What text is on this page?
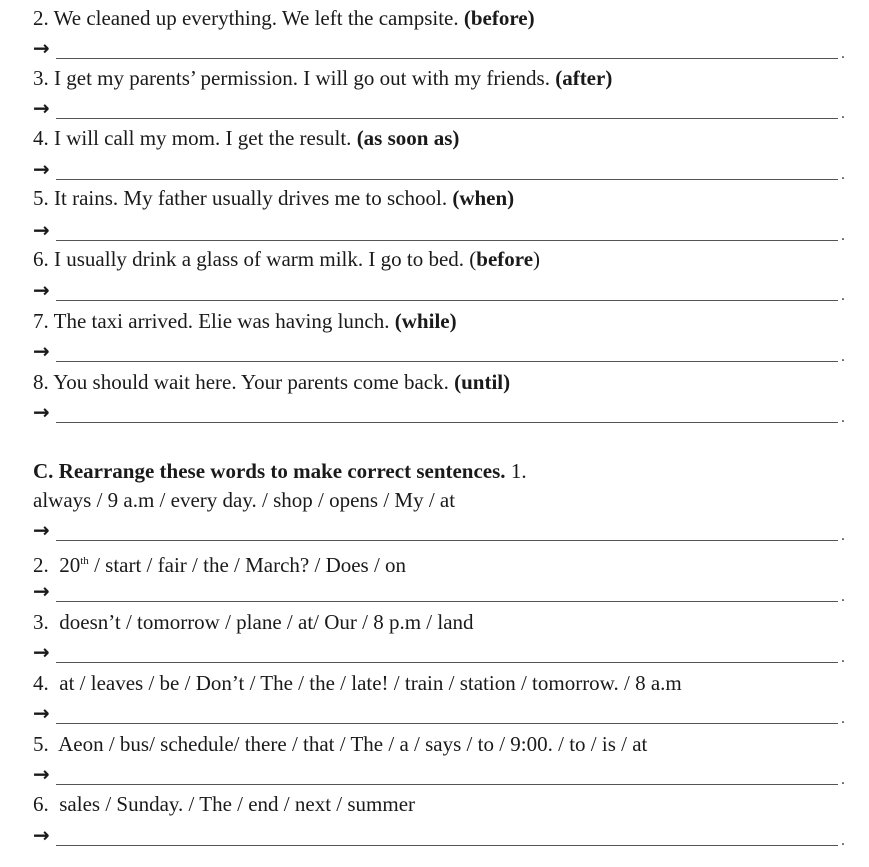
2. We cleaned up everything. We left the campsite. (before)
→	.
3. I get my parents’ permission. I will go out with my friends. (after)
→	.
4. I will call my mom. I get the result. (as soon as)
→	.
5. It rains. My father usually drives me to school. (when)
→	.
6. I usually drink a glass of warm milk. I go to bed. (before)
→	.
7. The taxi arrived. Elie was having lunch. (while)
→	.
8. You should wait here. Your parents come back. (until)
→	.
C. Rearrange these words to make correct sentences. 1.
always / 9 a.m / every day. / shop / opens / My / at
→	.
2.  20th / start / fair / the / March? / Does / on
→	.
3.  doesn’t / tomorrow / plane / at/ Our / 8 p.m / land
→	.
4.  at / leaves / be / Don’t / The / the / late! / train / station / tomorrow. / 8 a.m
→	.
5.  Aeon / bus/ schedule/ there / that / The / a / says / to / 9:00. / to / is / at
→	.
6.  sales / Sunday. / The / end / next / summer
→	.
